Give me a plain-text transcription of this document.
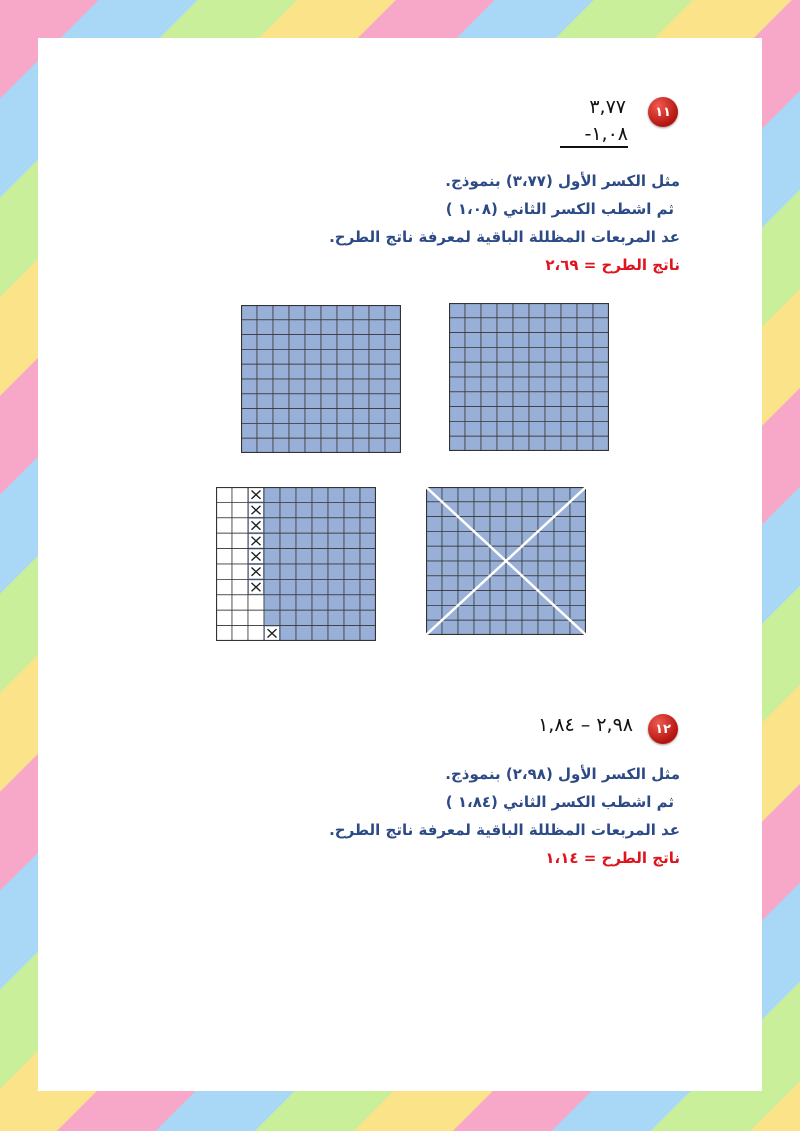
١١
٣,٧٧
١,٠٨-
مثل الكسر الأول (٣،٧٧) بنموذج.
ثم اشطب الكسر الثاني (١،٠٨ )
عد المربعات المظللة الباقية لمعرفة ناتج الطرح.
ناتج الطرح = ٢،٦٩
١٢
٢,٩٨ – ١,٨٤
مثل الكسر الأول (٢،٩٨) بنموذج.
ثم اشطب الكسر الثاني (١،٨٤ )
عد المربعات المظللة الباقية لمعرفة ناتج الطرح.
ناتج الطرح = ١،١٤
